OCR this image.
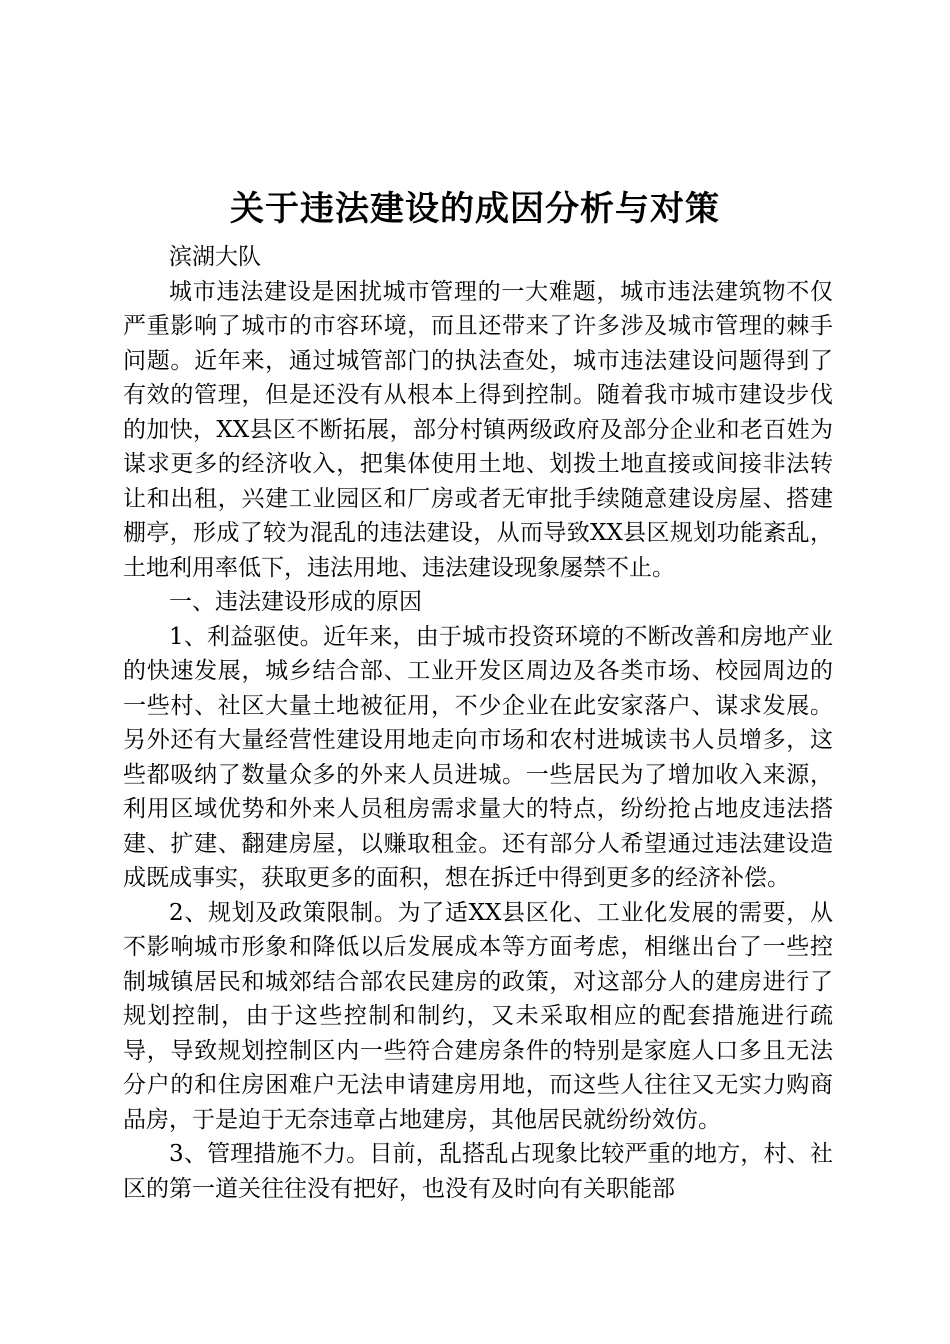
关于违法建设的成因分析与对策

滨湖大队

城市违法建设是困扰城市管理的一大难题，城市违法建筑物不仅严重影响了城市的市容环境，而且还带来了许多涉及城市管理的棘手问题。近年来，通过城管部门的执法查处，城市违法建设问题得到了有效的管理，但是还没有从根本上得到控制。随着我市城市建设步伐的加快，XX县区不断拓展，部分村镇两级政府及部分企业和老百姓为谋求更多的经济收入，把集体使用土地、划拨土地直接或间接非法转让和出租，兴建工业园区和厂房或者无审批手续随意建设房屋、搭建棚亭，形成了较为混乱的违法建设，从而导致XX县区规划功能紊乱，土地利用率低下，违法用地、违法建设现象屡禁不止。

一、违法建设形成的原因

1、利益驱使。近年来，由于城市投资环境的不断改善和房地产业的快速发展，城乡结合部、工业开发区周边及各类市场、校园周边的一些村、社区大量土地被征用，不少企业在此安家落户、谋求发展。另外还有大量经营性建设用地走向市场和农村进城读书人员增多，这些都吸纳了数量众多的外来人员进城。一些居民为了增加收入来源，利用区域优势和外来人员租房需求量大的特点，纷纷抢占地皮违法搭建、扩建、翻建房屋，以赚取租金。还有部分人希望通过违法建设造成既成事实，获取更多的面积，想在拆迁中得到更多的经济补偿。

2、规划及政策限制。为了适XX县区化、工业化发展的需要，从不影响城市形象和降低以后发展成本等方面考虑，相继出台了一些控制城镇居民和城郊结合部农民建房的政策，对这部分人的建房进行了规划控制，由于这些控制和制约，又未采取相应的配套措施进行疏导，导致规划控制区内一些符合建房条件的特别是家庭人口多且无法分户的和住房困难户无法申请建房用地，而这些人往往又无实力购商品房，于是迫于无奈违章占地建房，其他居民就纷纷效仿。

3、管理措施不力。目前，乱搭乱占现象比较严重的地方，村、社区的第一道关往往没有把好，也没有及时向有关职能部
